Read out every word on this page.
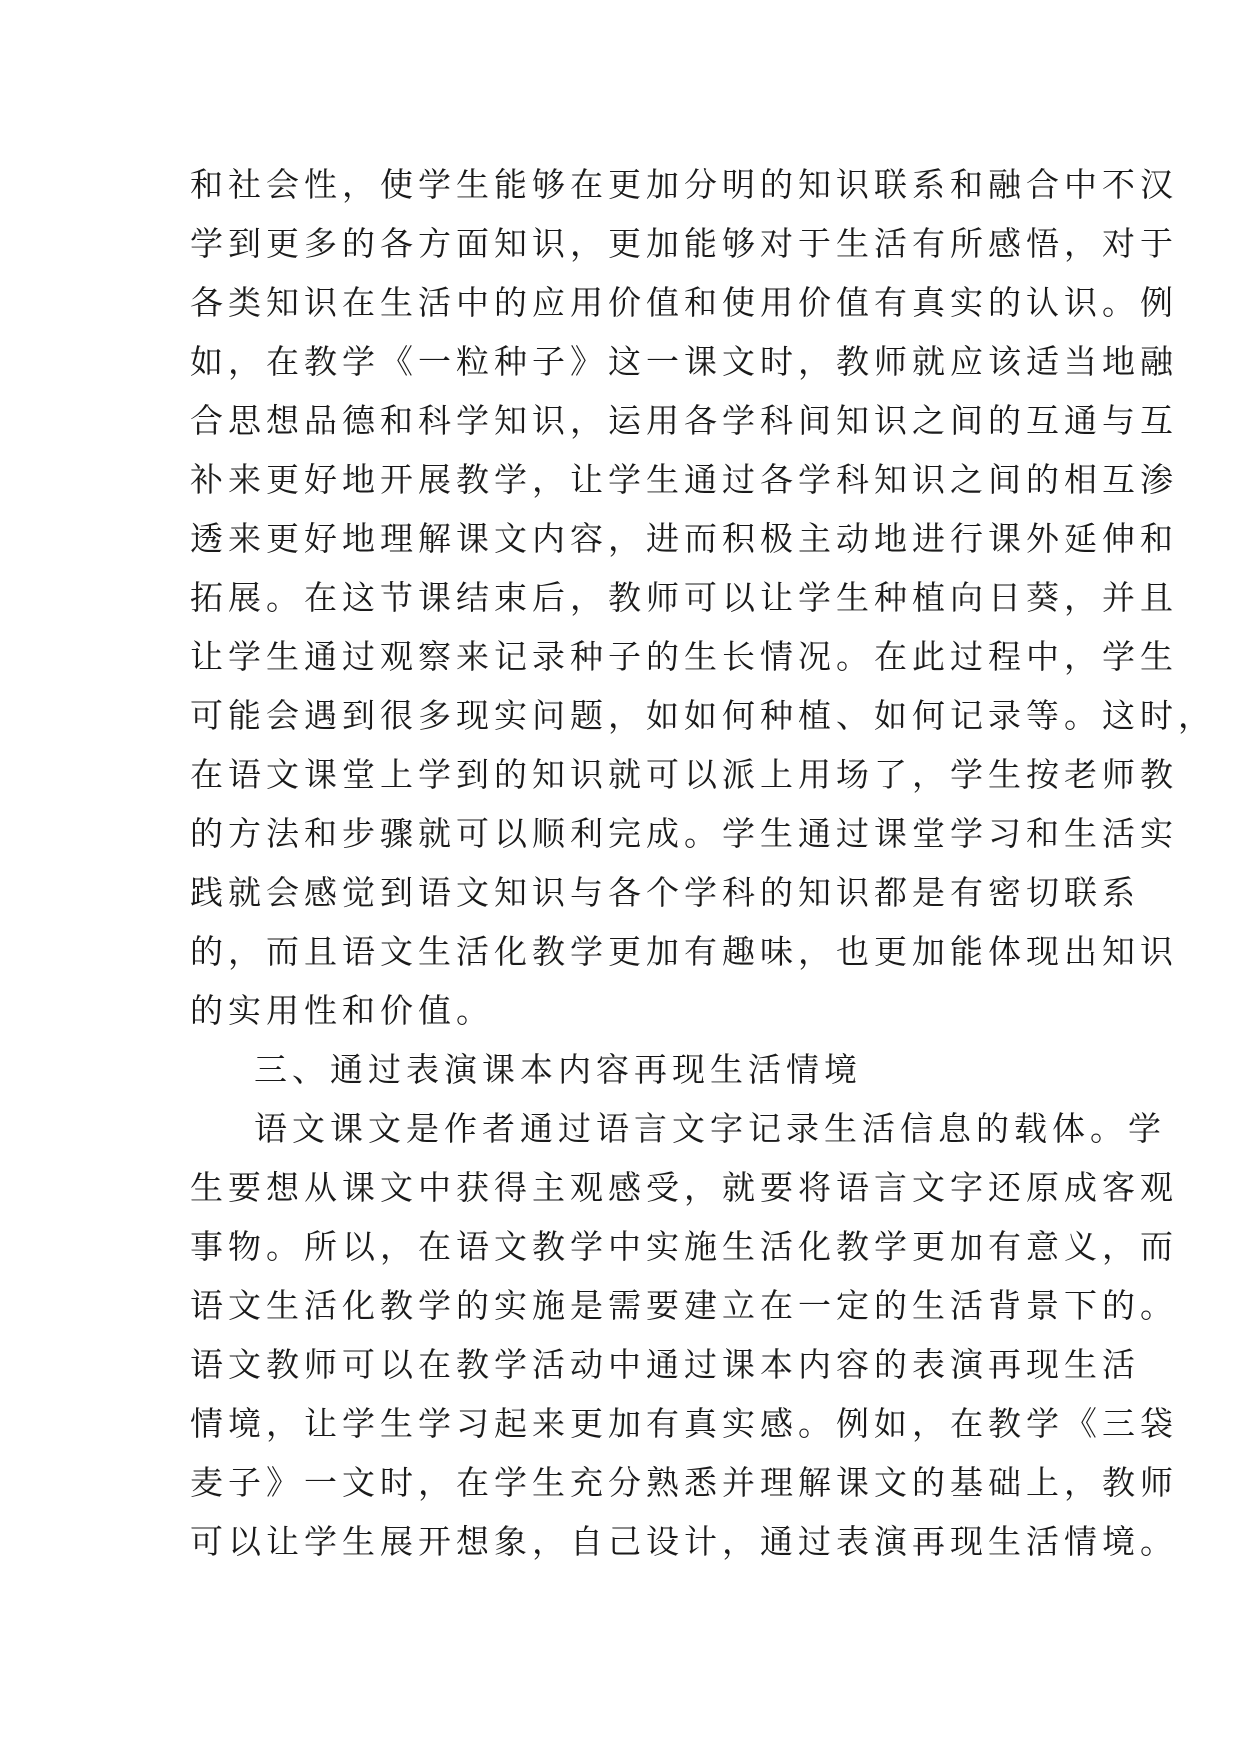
和社会性，使学生能够在更加分明的知识联系和融合中不汉
学到更多的各方面知识，更加能够对于生活有所感悟，对于
各类知识在生活中的应用价值和使用价值有真实的认识。例
如，在教学《一粒种子》这一课文时，教师就应该适当地融
合思想品德和科学知识，运用各学科间知识之间的互通与互
补来更好地开展教学，让学生通过各学科知识之间的相互渗
透来更好地理解课文内容，进而积极主动地进行课外延伸和
拓展。在这节课结束后，教师可以让学生种植向日葵，并且
让学生通过观察来记录种子的生长情况。在此过程中，学生
可能会遇到很多现实问题，如如何种植、如何记录等。这时，
在语文课堂上学到的知识就可以派上用场了，学生按老师教
的方法和步骤就可以顺利完成。学生通过课堂学习和生活实
践就会感觉到语文知识与各个学科的知识都是有密切联系
的，而且语文生活化教学更加有趣味，也更加能体现出知识
的实用性和价值。
三、通过表演课本内容再现生活情境
语文课文是作者通过语言文字记录生活信息的载体。学
生要想从课文中获得主观感受，就要将语言文字还原成客观
事物。所以，在语文教学中实施生活化教学更加有意义，而
语文生活化教学的实施是需要建立在一定的生活背景下的。
语文教师可以在教学活动中通过课本内容的表演再现生活
情境，让学生学习起来更加有真实感。例如，在教学《三袋
麦子》一文时，在学生充分熟悉并理解课文的基础上，教师
可以让学生展开想象，自己设计，通过表演再现生活情境。
